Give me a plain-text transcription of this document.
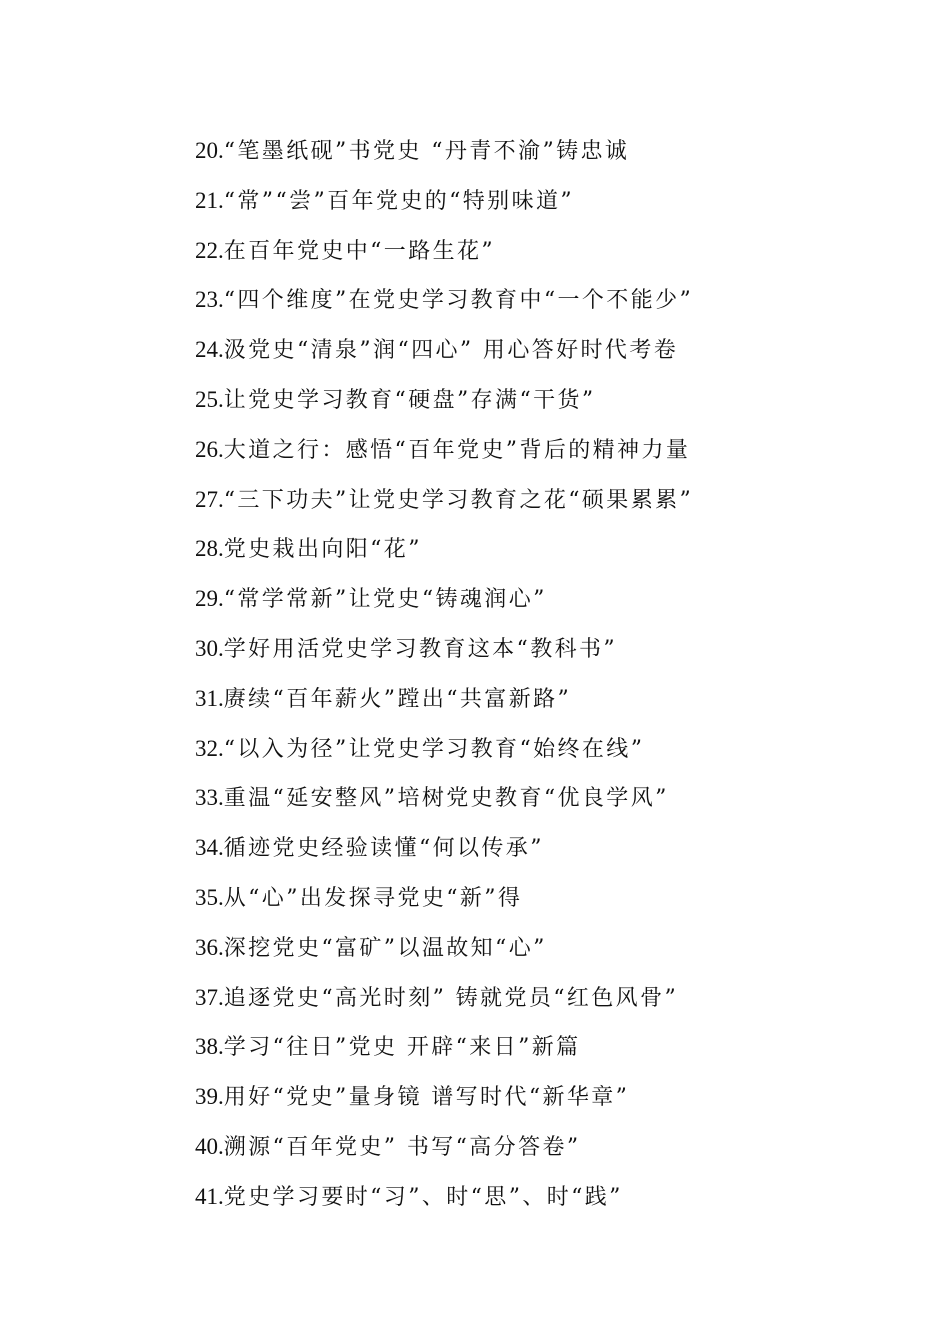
20.“笔墨纸砚”书党史 “丹青不渝”铸忠诚
21.“常”“尝”百年党史的“特别味道”
22.在百年党史中“一路生花”
23.“四个维度”在党史学习教育中“一个不能少”
24.汲党史“清泉”润“四心” 用心答好时代考卷
25.让党史学习教育“硬盘”存满“干货”
26.大道之行：感悟“百年党史”背后的精神力量
27.“三下功夫”让党史学习教育之花“硕果累累”
28.党史栽出向阳“花”
29.“常学常新”让党史“铸魂润心”
30.学好用活党史学习教育这本“教科书”
31.赓续“百年薪火”蹚出“共富新路”
32.“以入为径”让党史学习教育“始终在线”
33.重温“延安整风”培树党史教育“优良学风”
34.循迹党史经验读懂“何以传承”
35.从“心”出发探寻党史“新”得
36.深挖党史“富矿”以温故知“心”
37.追逐党史“高光时刻” 铸就党员“红色风骨”
38.学习“往日”党史 开辟“来日”新篇
39.用好“党史”量身镜 谱写时代“新华章”
40.溯源“百年党史” 书写“高分答卷”
41.党史学习要时“习”、时“思”、时“践”
